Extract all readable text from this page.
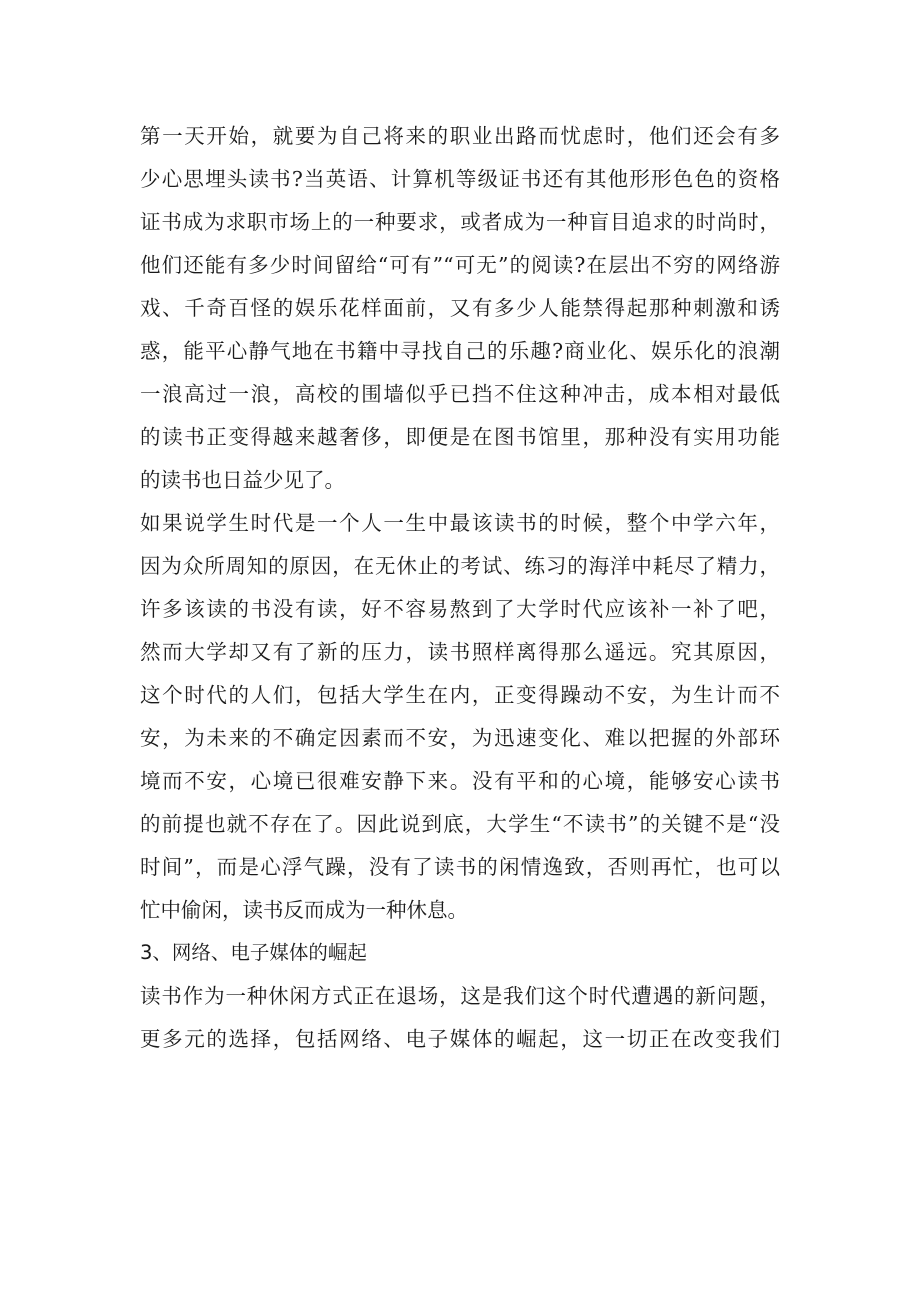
第一天开始，就要为自己将来的职业出路而忧虑时，他们还会有多
少心思埋头读书?当英语、计算机等级证书还有其他形形色色的资格
证书成为求职市场上的一种要求，或者成为一种盲目追求的时尚时，
他们还能有多少时间留给“可有”“可无”的阅读?在层出不穷的网络游
戏、千奇百怪的娱乐花样面前，又有多少人能禁得起那种刺激和诱
惑，能平心静气地在书籍中寻找自己的乐趣?商业化、娱乐化的浪潮
一浪高过一浪，高校的围墙似乎已挡不住这种冲击，成本相对最低
的读书正变得越来越奢侈，即便是在图书馆里，那种没有实用功能
的读书也日益少见了。
如果说学生时代是一个人一生中最该读书的时候，整个中学六年，
因为众所周知的原因，在无休止的考试、练习的海洋中耗尽了精力，
许多该读的书没有读，好不容易熬到了大学时代应该补一补了吧，
然而大学却又有了新的压力，读书照样离得那么遥远。究其原因，
这个时代的人们，包括大学生在内，正变得躁动不安，为生计而不
安，为未来的不确定因素而不安，为迅速变化、难以把握的外部环
境而不安，心境已很难安静下来。没有平和的心境，能够安心读书
的前提也就不存在了。因此说到底，大学生“不读书”的关键不是“没
时间”，而是心浮气躁，没有了读书的闲情逸致，否则再忙，也可以
忙中偷闲，读书反而成为一种休息。
3、网络、电子媒体的崛起
读书作为一种休闲方式正在退场，这是我们这个时代遭遇的新问题，
更多元的选择，包括网络、电子媒体的崛起，这一切正在改变我们
